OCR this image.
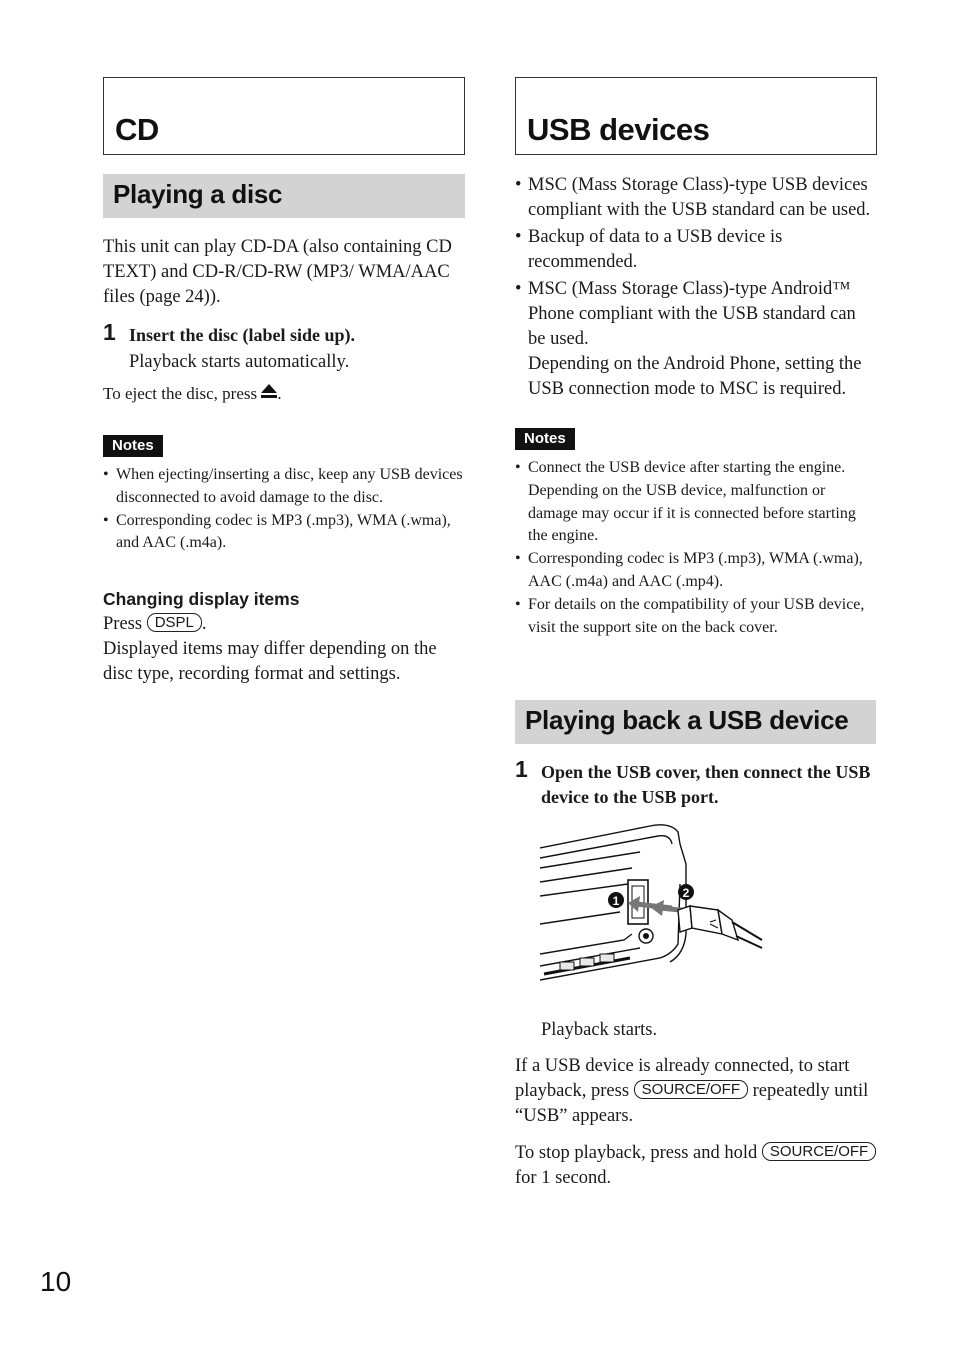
CD
Playing a disc

This unit can play CD-DA (also containing CD TEXT) and CD-R/CD-RW (MP3/ WMA/AAC files (page 24)).

1 Insert the disc (label side up).

Playback starts automatically.

To eject the disc, press .

Notes
• When ejecting/inserting a disc, keep any USB devices disconnected to avoid damage to the disc.
• Corresponding codec is MP3 (.mp3), WMA (.wma), and AAC (.m4a).
Changing display items

Press DSPL .

Displayed items may differ depending on the disc type, recording format and settings.

USB devices
• MSC (Mass Storage Class)-type USB devices compliant with the USB standard can be used.
• Backup of data to a USB device is recommended.
• MSC (Mass Storage Class)-type Android™ Phone compliant with the USB standard can be used.
Depending on the Android Phone, setting the USB connection mode to MSC is required.
Notes
• Connect the USB device after starting the engine.
Depending on the USB device, malfunction or damage may occur if it is connected before starting the engine.
• Corresponding codec is MP3 (.mp3), WMA (.wma), AAC (.m4a) and AAC (.mp4).
• For details on the compatibility of your USB device, visit the support site on the back cover.
Playing back a USB device
1 Open the USB cover, then connect the USB device to the USB port.
1
2

Playback starts.

If a USB device is already connected, to start playback, press SOURCE/OFF repeatedly until “USB” appears.

To stop playback, press and hold SOURCE/OFF for 1 second.

10
